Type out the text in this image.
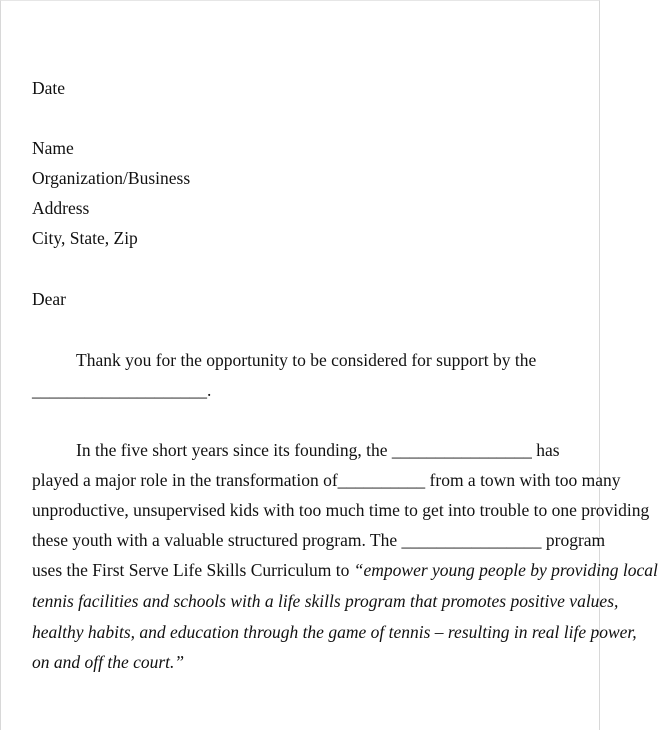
Date
Name
Organization/Business
Address
City, State, Zip
Dear
Thank you for the opportunity to be considered for support by the
____________________.
In the five short years since its founding, the ________________ has
played a major role in the transformation of__________ from a town with too many
unproductive, unsupervised kids with too much time to get into trouble to one providing
these youth with a valuable structured program. The ________________ program
uses the First Serve Life Skills Curriculum to “empower young people by providing local
tennis facilities and schools with a life skills program that promotes positive values,
healthy habits, and education through the game of tennis – resulting in real life power,
on and off the court.”
